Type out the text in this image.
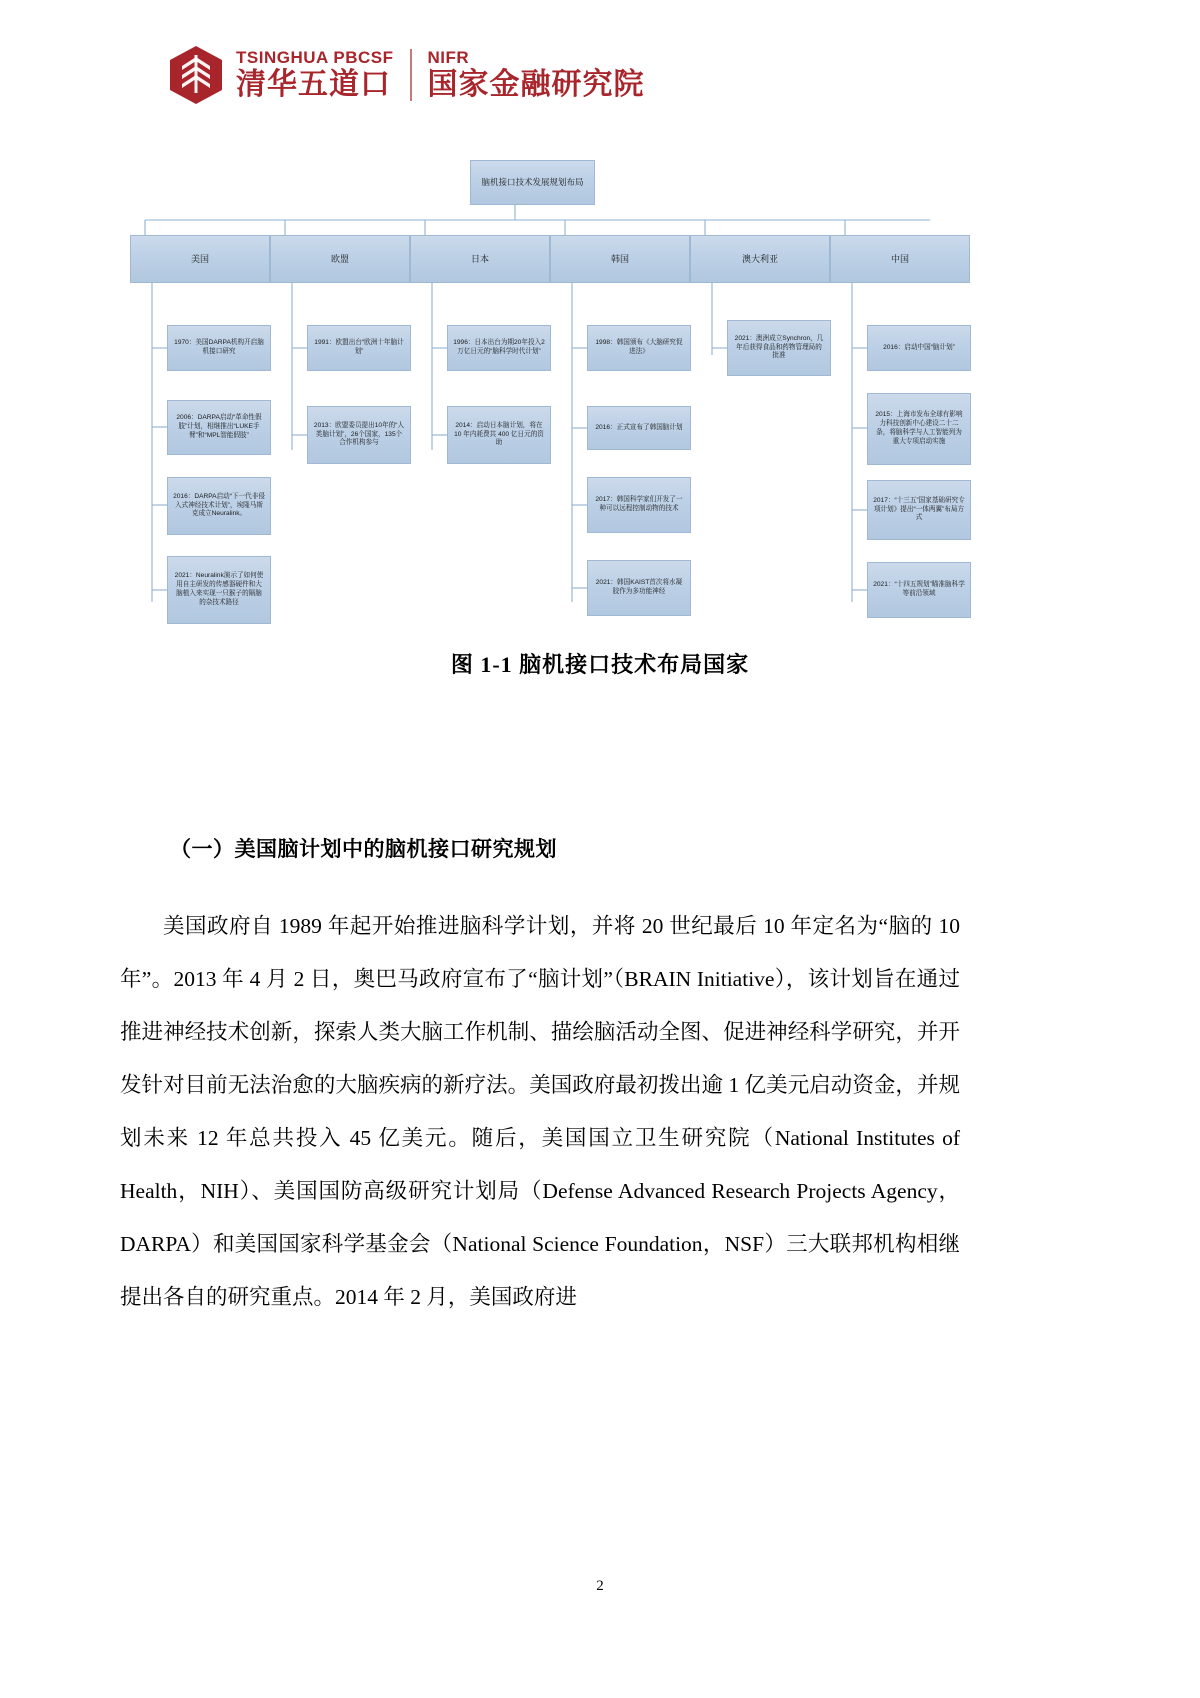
TSINGHUA PBCSF
清华五道口
NIFR
国家金融研究院
脑机接口技术发展规划布局
美国	欧盟	日本	韩国	澳大利亚	中国
1970：美国DARPA机构开启脑机接口研究
2006：DARPA启动“革命性假肢”计划，相继推出“LUKE手臂”和“MPL智能假肢”
2016：DARPA启动“下一代非侵入式神经技术计划”，埃隆马斯克成立Neuralink。
2021：Neuralink演示了如何使用自主研发的传感器硬件和大脑植入来实现一只猴子的隔脑的杂技术路径
1991：欧盟出台“欧洲十年脑计划”
2013：欧盟委员提出10年的“人类脑计划”，26个国家，135个合作机构参与
1996：日本出台为期20年投入2万亿日元的“脑科学时代计划”
2014：启动日本脑计划，将在 10 年内耗费共 400 亿日元的资助
1998：韩国颁布《大脑研究促进法》
2016：正式宣布了韩国脑计划
2017：韩国科学家们开发了一种可以远程控制动物的技术
2021：韩国KAIST首次将水凝胶作为多功能神经
2021：澳洲成立Synchron，几年后获得食品和药物管理局的批准
2016：启动中国“脑计划”
2015：上海市发布全球有影响力科技创新中心建设二十二条，将脑科学与人工智能列为重大专项启动实施
2017：“十三五”国家基础研究专项计划》提出“一体两翼”布局方式
2021：“十四五规划”瞄准脑科学等前沿领域
图 1-1 脑机接口技术布局国家
（一）美国脑计划中的脑机接口研究规划

美国政府自 1989 年起开始推进脑科学计划，并将 20 世纪最后 10 年定名为“脑的 10 年”。2013 年 4 月 2 日，奥巴马政府宣布了“脑计划”（BRAIN Initiative），该计划旨在通过推进神经技术创新，探索人类大脑工作机制、描绘脑活动全图、促进神经科学研究，并开发针对目前无法治愈的大脑疾病的新疗法。美国政府最初拨出逾 1 亿美元启动资金，并规划未来 12 年总共投入 45 亿美元。随后，美国国立卫生研究院（National Institutes of Health，NIH）、美国国防高级研究计划局（Defense Advanced Research Projects Agency，DARPA）和美国国家科学基金会（National Science Foundation，NSF）三大联邦机构相继提出各自的研究重点。2014 年 2 月，美国政府进

2
